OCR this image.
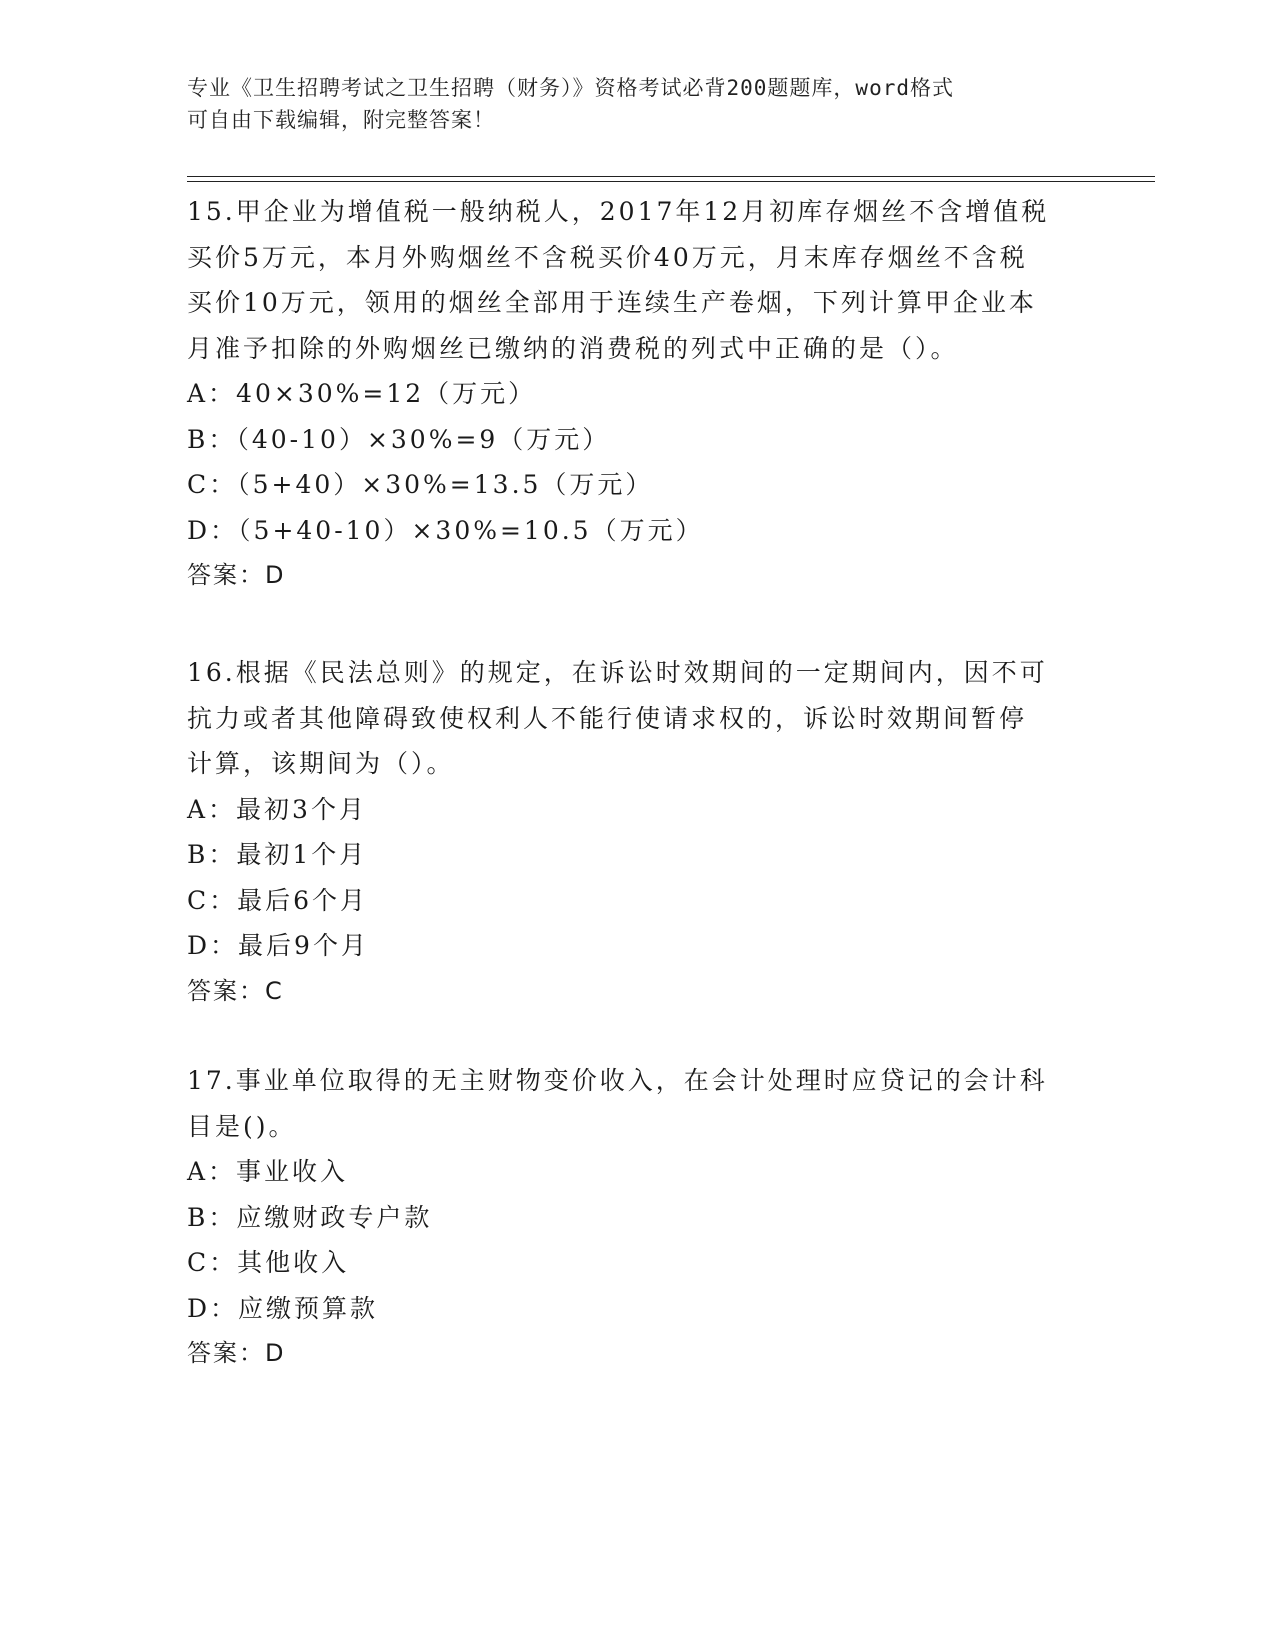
专业《卫生招聘考试之卫生招聘（财务）》资格考试必背200题题库，word格式
可自由下载编辑，附完整答案！
15.甲企业为增值税一般纳税人，2017年12月初库存烟丝不含增值税
买价5万元，本月外购烟丝不含税买价40万元，月末库存烟丝不含税
买价10万元，领用的烟丝全部用于连续生产卷烟，下列计算甲企业本
月准予扣除的外购烟丝已缴纳的消费税的列式中正确的是（）。
A：40×30%=12（万元）
B：（40-10）×30%=9（万元）
C：（5+40）×30%=13.5（万元）
D：（5+40-10）×30%=10.5（万元）
答案：D
16.根据《民法总则》的规定，在诉讼时效期间的一定期间内，因不可
抗力或者其他障碍致使权利人不能行使请求权的，诉讼时效期间暂停
计算，该期间为（）。
A：最初3个月
B：最初1个月
C：最后6个月
D：最后9个月
答案：C
17.事业单位取得的无主财物变价收入，在会计处理时应贷记的会计科
目是()。
A：事业收入
B：应缴财政专户款
C：其他收入
D：应缴预算款
答案：D
